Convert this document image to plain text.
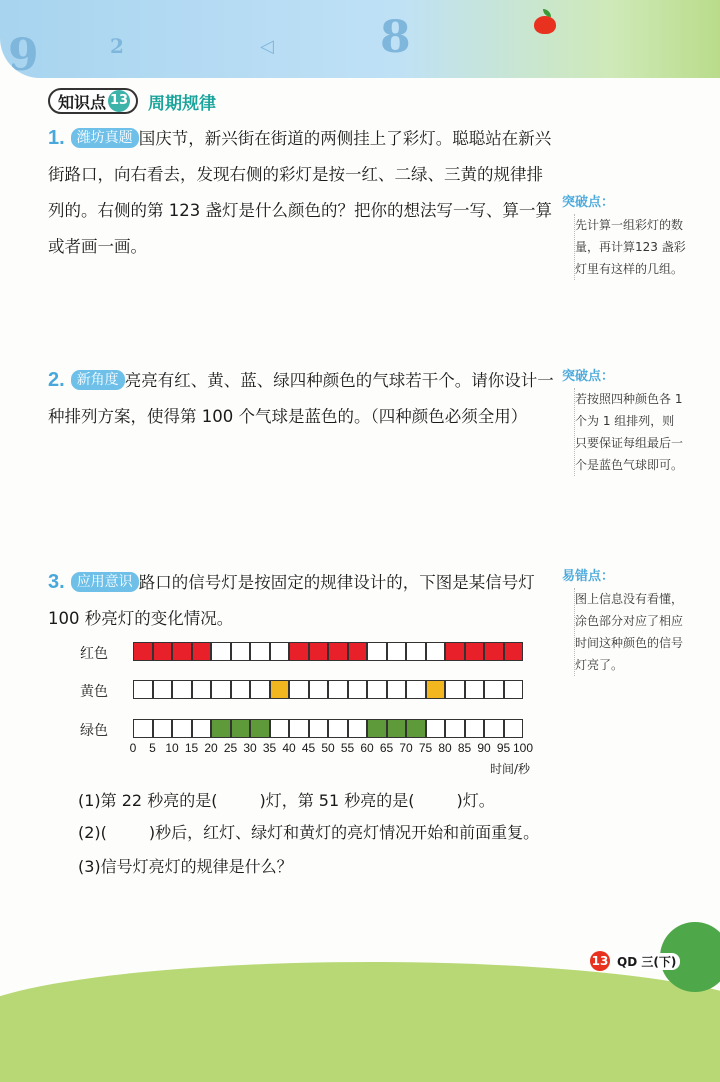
9	2	8
◁
知识点 13 周期规律
1. 潍坊真题 国庆节，新兴街在街道的两侧挂上了彩灯。聪聪站在新兴街路口，向右看去，发现右侧的彩灯是按一红、二绿、三黄的规律排列的。右侧的第 123 盏灯是什么颜色的？把你的想法写一写、算一算或者画一画。
突破点：
先计算一组彩灯的数量，再计算123 盏彩灯里有这样的几组。
2. 新角度 亮亮有红、黄、蓝、绿四种颜色的气球若干个。请你设计一种排列方案，使得第 100 个气球是蓝色的。（四种颜色必须全用）
突破点：
若按照四种颜色各 1 个为 1 组排列，则只要保证每组最后一个是蓝色气球即可。
3. 应用意识 路口的信号灯是按固定的规律设计的，下图是某信号灯 100 秒亮灯的变化情况。
易错点：
图上信息没有看懂，涂色部分对应了相应时间这种颜色的信号灯亮了。
红色
黄色
绿色
0 5 10 15 20 25 30 35 40 45 50 55 60 65 70 75 80 85 90 95 100
时间/秒
(1)第 22 秒亮的是(	)灯，第 51 秒亮的是(	)灯。
(2)(	)秒后，红灯、绿灯和黄灯的亮灯情况开始和前面重复。
(3)信号灯亮灯的规律是什么？
13 QD 三(下)
